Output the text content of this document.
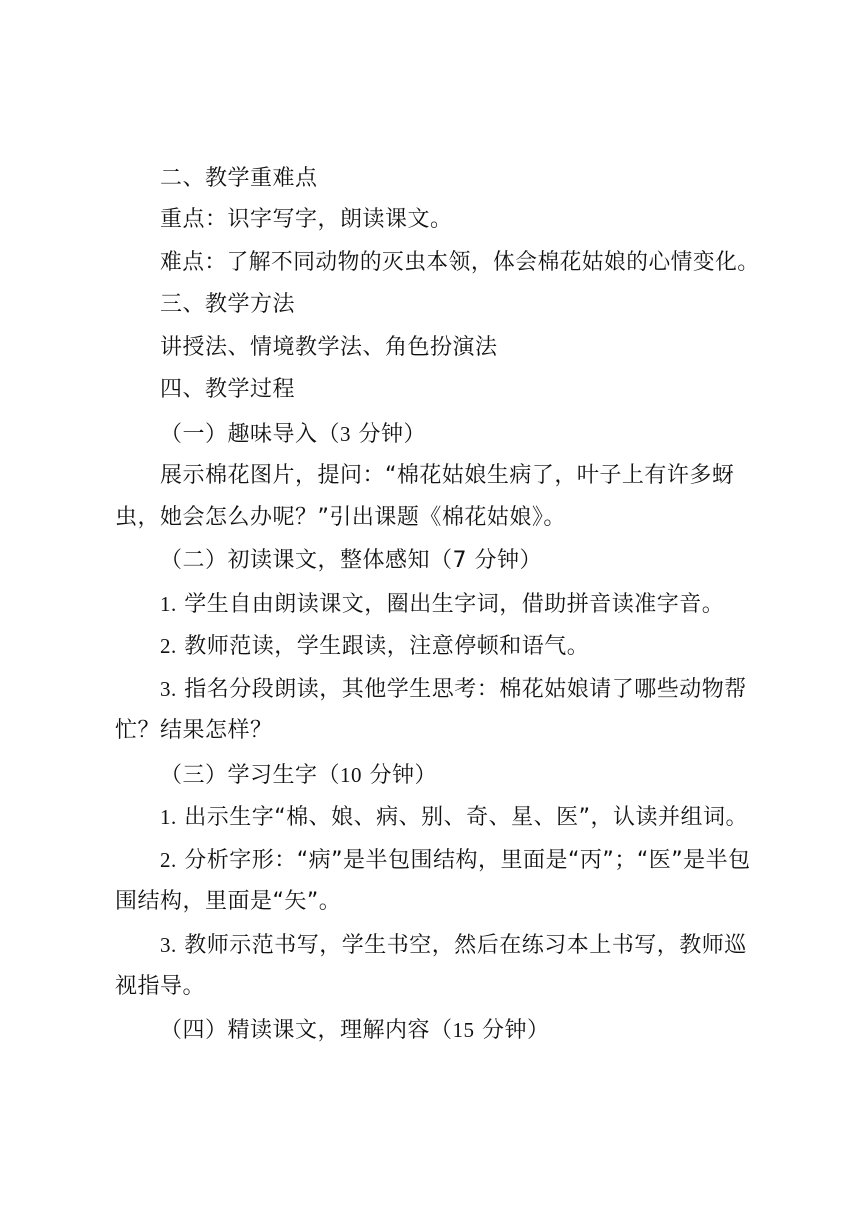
二、教学重难点
重点：识字写字，朗读课文。
难点：了解不同动物的灭虫本领，体会棉花姑娘的心情变化。
三、教学方法
讲授法、情境教学法、角色扮演法
四、教学过程
（一）趣味导入（3 分钟）
展示棉花图片，提问：“棉花姑娘生病了，叶子上有许多蚜
虫，她会怎么办呢？”引出课题《棉花姑娘》。
（二）初读课文，整体感知（7 分钟）
1. 学生自由朗读课文，圈出生字词，借助拼音读准字音。
2. 教师范读，学生跟读，注意停顿和语气。
3. 指名分段朗读，其他学生思考：棉花姑娘请了哪些动物帮
忙？结果怎样？
（三）学习生字（10 分钟）
1. 出示生字“棉、娘、病、别、奇、星、医”，认读并组词。
2. 分析字形：“病”是半包围结构，里面是“丙”；“医”是半包
围结构，里面是“矢”。
3. 教师示范书写，学生书空，然后在练习本上书写，教师巡
视指导。
（四）精读课文，理解内容（15 分钟）
